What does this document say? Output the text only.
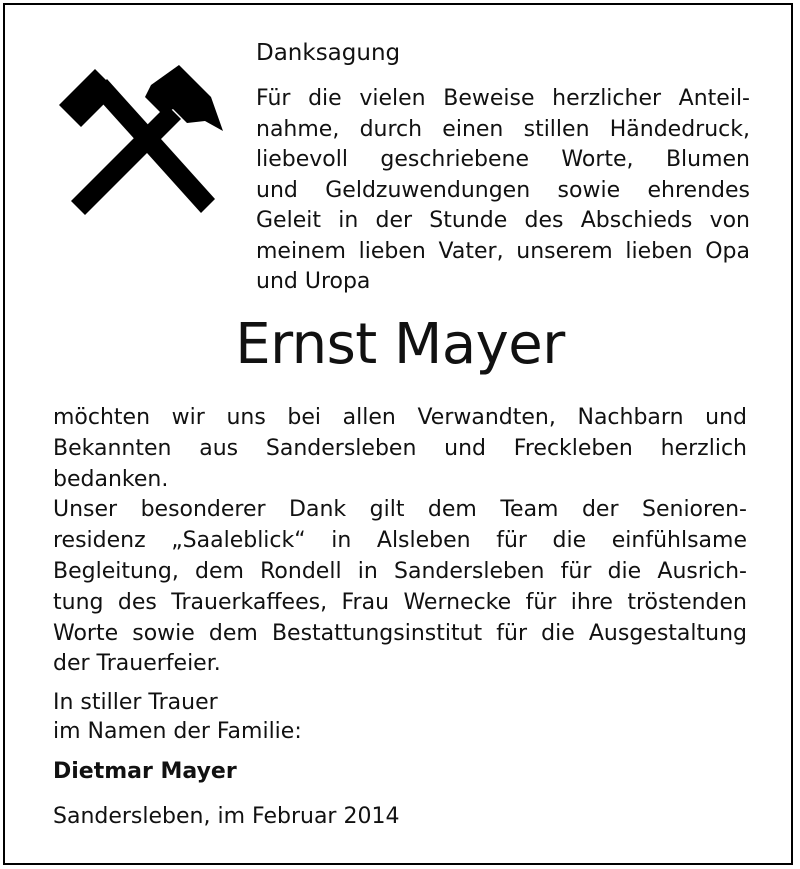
Danksagung
Für die vielen Beweise herzlicher Anteil-
nahme, durch einen stillen Händedruck,
liebevoll geschriebene Worte, Blumen
und Geldzuwendungen sowie ehrendes
Geleit in der Stunde des Abschieds von
meinem lieben Vater, unserem lieben Opa
und Uropa
Ernst Mayer
möchten wir uns bei allen Verwandten, Nachbarn und
Bekannten aus Sandersleben und Freckleben herzlich
bedanken.
Unser besonderer Dank gilt dem Team der Senioren-
residenz „Saaleblick“ in Alsleben für die einfühlsame
Begleitung, dem Rondell in Sandersleben für die Ausrich-
tung des Trauerkaffees, Frau Wernecke für ihre tröstenden
Worte sowie dem Bestattungsinstitut für die Ausgestaltung
der Trauerfeier.
In stiller Trauer
im Namen der Familie:
Dietmar Mayer
Sandersleben, im Februar 2014
